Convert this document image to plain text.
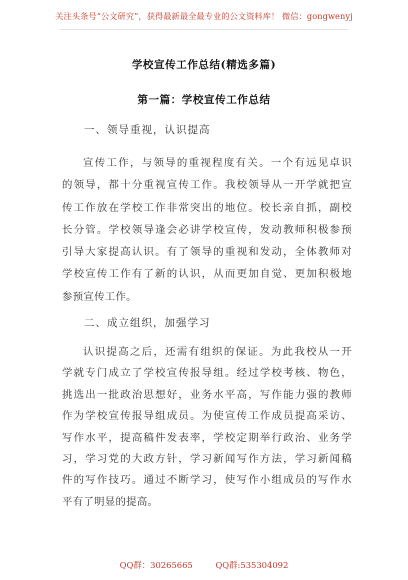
关注头条号“公文研究”，获得最新最全最专业的公文资料库！ 微信：gongwenyj
学校宣传工作总结(精选多篇)
第一篇：学校宣传工作总结
一、领导重视，认识提高
宣传工作，与领导的重视程度有关。一个有远见卓识
的领导，都十分重视宣传工作。我校领导从一开学就把宣
传工作放在学校工作非常突出的地位。校长亲自抓，副校
长分管。学校领导逢会必讲学校宣传，发动教师积极参预
引导大家提高认识。有了领导的重视和发动，全体教师对
学校宣传工作有了新的认识，从而更加自觉、更加积极地
参预宣传工作。
二、成立组织，加强学习
认识提高之后，还需有组织的保证。为此我校从一开
学就专门成立了学校宣传报导组。经过学校考核、物色，
挑选出一批政治思想好，业务水平高，写作能力强的教师
作为学校宣传报导组成员。为使宣传工作成员提高采访、
写作水平，提高稿件发表率，学校定期举行政治、业务学
习，学习党的大政方针，学习新闻写作方法，学习新闻稿
件的写作技巧。通过不断学习，使写作小组成员的写作水
平有了明显的提高。
QQ群：30265665	QQ群:535304092
